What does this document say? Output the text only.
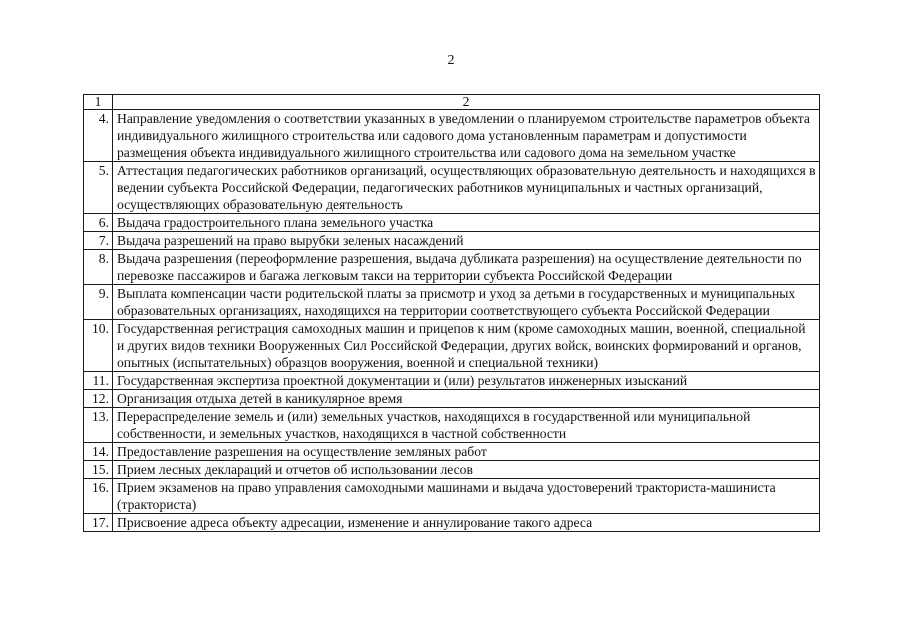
2
1	2
4.	Направление уведомления о соответствии указанных в уведомлении о планируемом строительстве параметров объекта индивидуального жилищного строительства или садового дома установленным параметрам и допустимости размещения объекта индивидуального жилищного строительства или садового дома на земельном участке
5.	Аттестация педагогических работников организаций, осуществляющих образовательную деятельность и находящихся в ведении субъекта Российской Федерации, педагогических работников муниципальных и частных организаций, осуществляющих образовательную деятельность
6.	Выдача градостроительного плана земельного участка
7.	Выдача разрешений на право вырубки зеленых насаждений
8.	Выдача разрешения (переоформление разрешения, выдача дубликата разрешения) на осуществление деятельности по перевозке пассажиров и багажа легковым такси на территории субъекта Российской Федерации
9.	Выплата компенсации части родительской платы за присмотр и уход за детьми в государственных и муниципальных образовательных организациях, находящихся на территории соответствующего субъекта Российской Федерации
10.	Государственная регистрация самоходных машин и прицепов к ним (кроме самоходных машин, военной, специальной и других видов техники Вооруженных Сил Российской Федерации, других войск, воинских формирований и органов, опытных (испытательных) образцов вооружения, военной и специальной техники)
11.	Государственная экспертиза проектной документации и (или) результатов инженерных изысканий
12.	Организация отдыха детей в каникулярное время
13.	Перераспределение земель и (или) земельных участков, находящихся в государственной или муниципальной собственности, и земельных участков, находящихся в частной собственности
14.	Предоставление разрешения на осуществление земляных работ
15.	Прием лесных деклараций и отчетов об использовании лесов
16.	Прием экзаменов на право управления самоходными машинами и выдача удостоверений тракториста-машиниста (тракториста)
17.	Присвоение адреса объекту адресации, изменение и аннулирование такого адреса
